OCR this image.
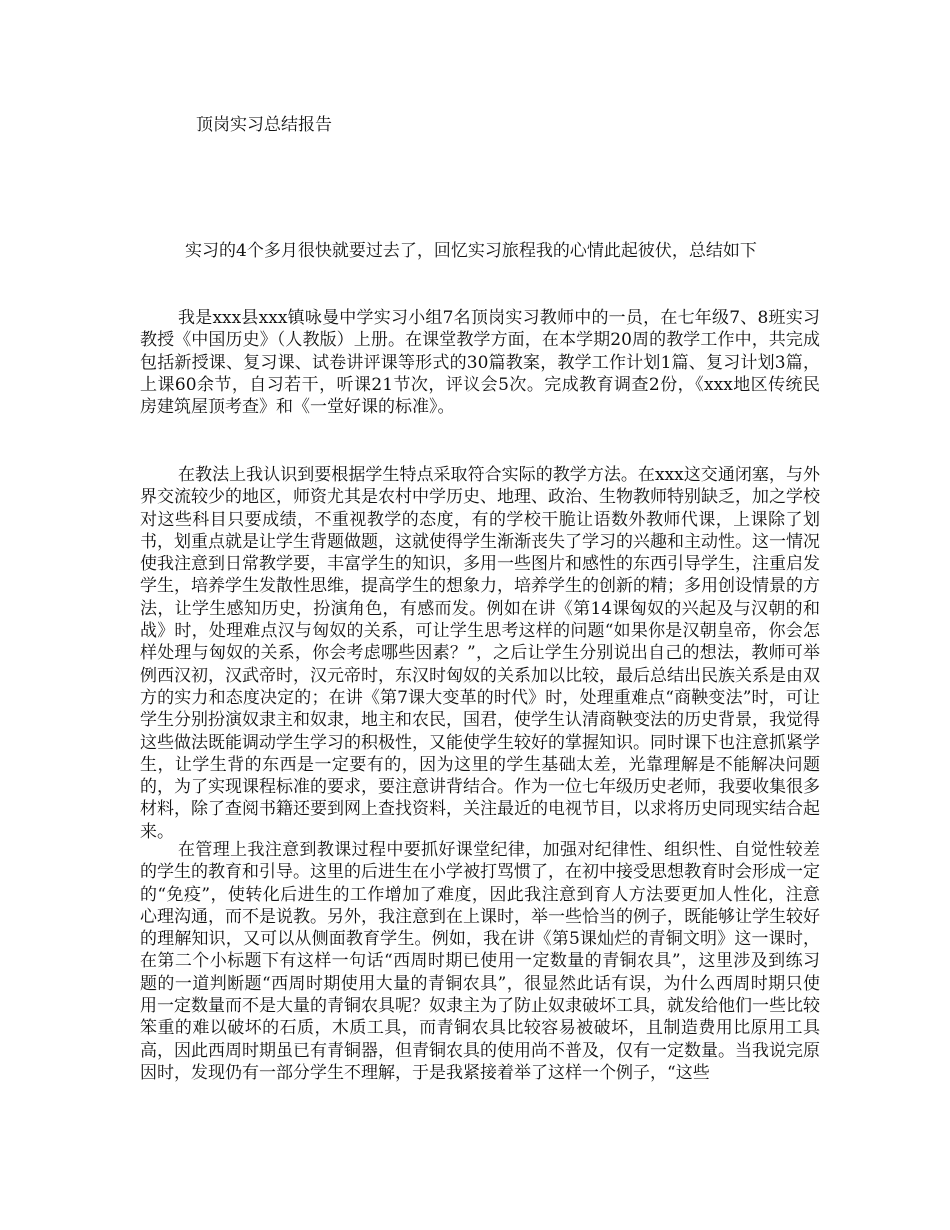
顶岗实习总结报告

实习的4个多月很快就要过去了，回忆实习旅程我的心情此起彼伏，总结如下

我是xxx县xxx镇咏曼中学实习小组7名顶岗实习教师中的一员，在七年级7、8班实习教授《中国历史》（人教版）上册。在课堂教学方面，在本学期20周的教学工作中，共完成包括新授课、复习课、试卷讲评课等形式的30篇教案，教学工作计划1篇、复习计划3篇，上课60余节，自习若干，听课21节次，评议会5次。完成教育调查2份，《xxx地区传统民房建筑屋顶考查》和《一堂好课的标准》。

在教法上我认识到要根据学生特点采取符合实际的教学方法。在xxx这交通闭塞，与外界交流较少的地区，师资尤其是农村中学历史、地理、政治、生物教师特别缺乏，加之学校对这些科目只要成绩，不重视教学的态度，有的学校干脆让语数外教师代课，上课除了划书，划重点就是让学生背题做题，这就使得学生渐渐丧失了学习的兴趣和主动性。这一情况使我注意到日常教学要，丰富学生的知识，多用一些图片和感性的东西引导学生，注重启发学生，培养学生发散性思维，提高学生的想象力，培养学生的创新的精；多用创设情景的方法，让学生感知历史，扮演角色，有感而发。例如在讲《第14课匈奴的兴起及与汉朝的和战》时，处理难点汉与匈奴的关系，可让学生思考这样的问题“如果你是汉朝皇帝，你会怎样处理与匈奴的关系，你会考虑哪些因素？”，之后让学生分别说出自己的想法，教师可举例西汉初，汉武帝时，汉元帝时，东汉时匈奴的关系加以比较，最后总结出民族关系是由双方的实力和态度决定的；在讲《第7课大变革的时代》时，处理重难点“商鞅变法”时，可让学生分别扮演奴隶主和奴隶，地主和农民，国君，使学生认清商鞅变法的历史背景，我觉得这些做法既能调动学生学习的积极性，又能使学生较好的掌握知识。同时课下也注意抓紧学生，让学生背的东西是一定要有的，因为这里的学生基础太差，光靠理解是不能解决问题的，为了实现课程标准的要求，要注意讲背结合。作为一位七年级历史老师，我要收集很多材料，除了查阅书籍还要到网上查找资料，关注最近的电视节目，以求将历史同现实结合起来。

在管理上我注意到教课过程中要抓好课堂纪律，加强对纪律性、组织性、自觉性较差的学生的教育和引导。这里的后进生在小学被打骂惯了，在初中接受思想教育时会形成一定的“免疫”，使转化后进生的工作增加了难度，因此我注意到育人方法要更加人性化，注意心理沟通，而不是说教。另外，我注意到在上课时，举一些恰当的例子，既能够让学生较好的理解知识，又可以从侧面教育学生。例如，我在讲《第5课灿烂的青铜文明》这一课时，在第二个小标题下有这样一句话“西周时期已使用一定数量的青铜农具”，这里涉及到练习题的一道判断题“西周时期使用大量的青铜农具”，很显然此话有误，为什么西周时期只使用一定数量而不是大量的青铜农具呢？奴隶主为了防止奴隶破坏工具，就发给他们一些比较笨重的难以破坏的石质，木质工具，而青铜农具比较容易被破坏，且制造费用比原用工具高，因此西周时期虽已有青铜器，但青铜农具的使用尚不普及，仅有一定数量。当我说完原因时，发现仍有一部分学生不理解，于是我紧接着举了这样一个例子，“这些
